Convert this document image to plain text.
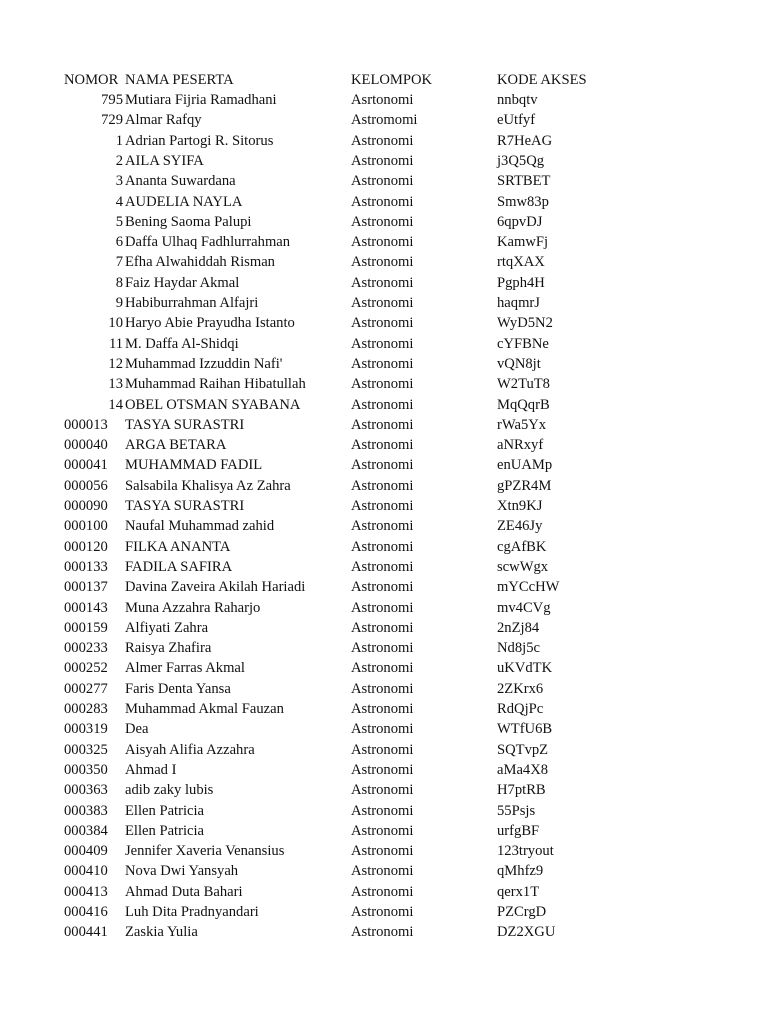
NOMOR NAMA PESERTA	KELOMPOK	KODE AKSES
795 Mutiara Fijria Ramadhani	Asrtonomi	nnbqtv
729 Almar Rafqy	Astromomi	eUtfyf
1 Adrian Partogi R. Sitorus	Astronomi	R7HeAG
2 AILA SYIFA	Astronomi	j3Q5Qg
3 Ananta Suwardana	Astronomi	SRTBET
4 AUDELIA NAYLA	Astronomi	Smw83p
5 Bening Saoma Palupi	Astronomi	6qpvDJ
6 Daffa Ulhaq Fadhlurrahman	Astronomi	KamwFj
7 Efha Alwahiddah Risman	Astronomi	rtqXAX
8 Faiz Haydar Akmal	Astronomi	Pgph4H
9 Habiburrahman Alfajri	Astronomi	haqmrJ
10 Haryo Abie Prayudha Istanto	Astronomi	WyD5N2
11 M. Daffa Al-Shidqi	Astronomi	cYFBNe
12 Muhammad Izzuddin Nafi'	Astronomi	vQN8jt
13 Muhammad Raihan Hibatullah	Astronomi	W2TuT8
14 OBEL OTSMAN SYABANA	Astronomi	MqQqrB
000013	TASYA SURASTRI	Astronomi	rWa5Yx
000040	ARGA BETARA	Astronomi	aNRxyf
000041	MUHAMMAD FADIL	Astronomi	enUAMp
000056	Salsabila Khalisya Az Zahra	Astronomi	gPZR4M
000090	TASYA SURASTRI	Astronomi	Xtn9KJ
000100	Naufal Muhammad zahid	Astronomi	ZE46Jy
000120	FILKA ANANTA	Astronomi	cgAfBK
000133	FADILA SAFIRA	Astronomi	scwWgx
000137	Davina Zaveira Akilah Hariadi	Astronomi	mYCcHW
000143	Muna Azzahra Raharjo	Astronomi	mv4CVg
000159	Alfiyati Zahra	Astronomi	2nZj84
000233	Raisya Zhafira	Astronomi	Nd8j5c
000252	Almer Farras Akmal	Astronomi	uKVdTK
000277	Faris Denta Yansa	Astronomi	2ZKrx6
000283	Muhammad Akmal Fauzan	Astronomi	RdQjPc
000319	Dea	Astronomi	WTfU6B
000325	Aisyah Alifia Azzahra	Astronomi	SQTvpZ
000350	Ahmad I	Astronomi	aMa4X8
000363	adib zaky lubis	Astronomi	H7ptRB
000383	Ellen Patricia	Astronomi	55Psjs
000384	Ellen Patricia	Astronomi	urfgBF
000409	Jennifer Xaveria Venansius	Astronomi	123tryout
000410	Nova Dwi Yansyah	Astronomi	qMhfz9
000413	Ahmad Duta Bahari	Astronomi	qerx1T
000416	Luh Dita Pradnyandari	Astronomi	PZCrgD
000441	Zaskia Yulia	Astronomi	DZ2XGU
